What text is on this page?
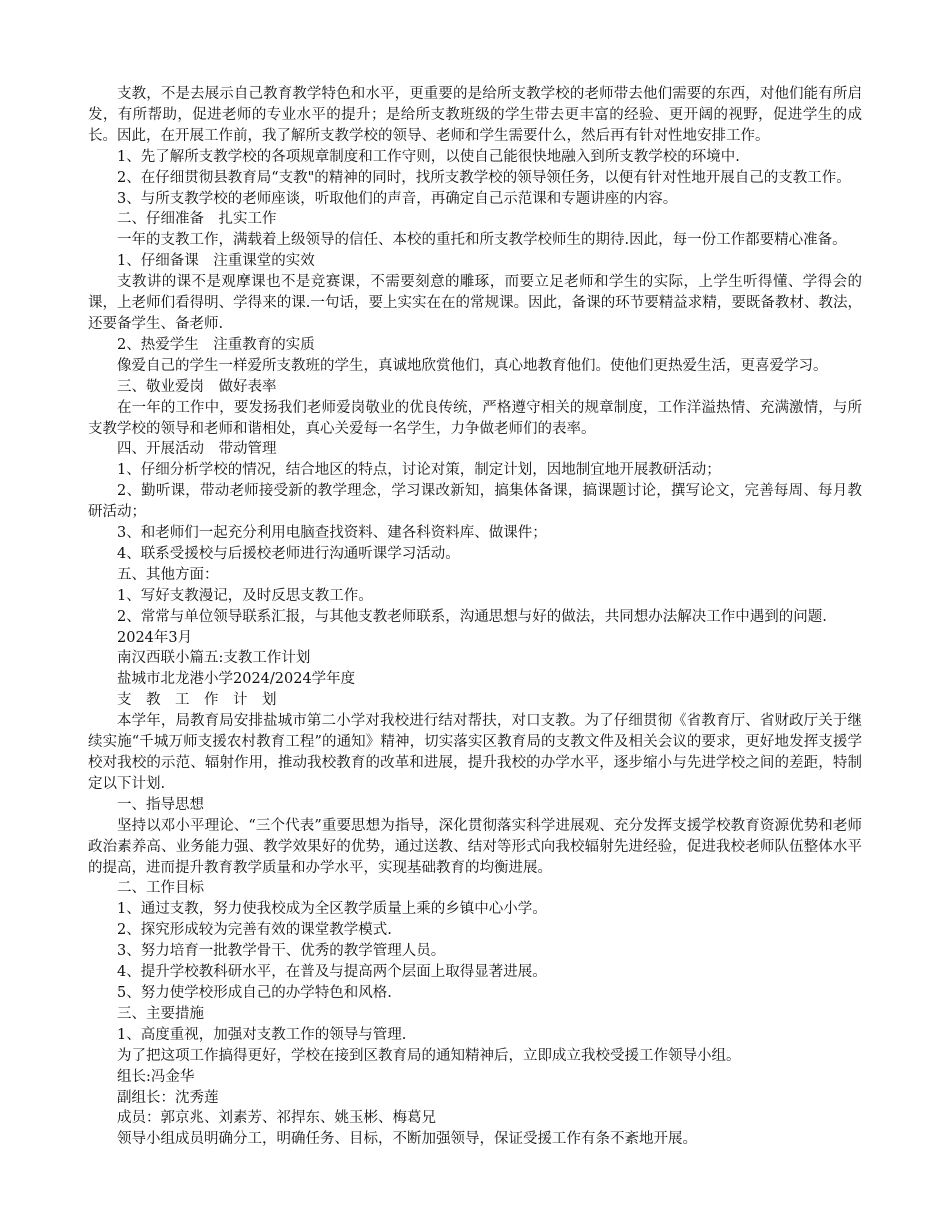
支教，不是去展示自己教育教学特色和水平，更重要的是给所支教学校的老师带去他们需要的东西，对他们能有所启发，有所帮助，促进老师的专业水平的提升；是给所支教班级的学生带去更丰富的经验、更开阔的视野，促进学生的成长。因此，在开展工作前，我了解所支教学校的领导、老师和学生需要什么，然后再有针对性地安排工作。

1、先了解所支教学校的各项规章制度和工作守则，以使自己能很快地融入到所支教学校的环境中.

2、在仔细贯彻县教育局“支教"的精神的同时，找所支教学校的领导领任务，以便有针对性地开展自己的支教工作。

3、与所支教学校的老师座谈，听取他们的声音，再确定自己示范课和专题讲座的内容。

二、仔细准备　扎实工作

一年的支教工作，满载着上级领导的信任、本校的重托和所支教学校师生的期待.因此，每一份工作都要精心准备。

1、仔细备课　注重课堂的实效

支教讲的课不是观摩课也不是竞赛课，不需要刻意的雕琢，而要立足老师和学生的实际，上学生听得懂、学得会的课，上老师们看得明、学得来的课.一句话，要上实实在在的常规课。因此，备课的环节要精益求精，要既备教材、教法，还要备学生、备老师.

2、热爱学生　注重教育的实质

像爱自己的学生一样爱所支教班的学生，真诚地欣赏他们，真心地教育他们。使他们更热爱生活，更喜爱学习。

三、敬业爱岗　做好表率

在一年的工作中，要发扬我们老师爱岗敬业的优良传统，严格遵守相关的规章制度，工作洋溢热情、充满激情，与所支教学校的领导和老师和谐相处，真心关爱每一名学生，力争做老师们的表率。

四、开展活动　带动管理

1、仔细分析学校的情况，结合地区的特点，讨论对策，制定计划，因地制宜地开展教研活动；

2、勤听课，带动老师接受新的教学理念，学习课改新知，搞集体备课，搞课题讨论，撰写论文，完善每周、每月教研活动；

3、和老师们一起充分利用电脑查找资料、建各科资料库、做课件；

4、联系受援校与后援校老师进行沟通听课学习活动。

五、其他方面：

1、写好支教漫记，及时反思支教工作。

2、常常与单位领导联系汇报，与其他支教老师联系，沟通思想与好的做法，共同想办法解决工作中遇到的问题.

2024年3月

南汉西联小篇五:支教工作计划

盐城市北龙港小学2024/2024学年度

支　教　工　作　计　划

本学年，局教育局安排盐城市第二小学对我校进行结对帮扶，对口支教。为了仔细贯彻《省教育厅、省财政厅关于继续实施“千城万师支援农村教育工程”的通知》精神，切实落实区教育局的支教文件及相关会议的要求，更好地发挥支援学校对我校的示范、辐射作用，推动我校教育的改革和进展，提升我校的办学水平，逐步缩小与先进学校之间的差距，特制定以下计划.

一、指导思想

坚持以邓小平理论、“三个代表”重要思想为指导，深化贯彻落实科学进展观、充分发挥支援学校教育资源优势和老师政治素养高、业务能力强、教学效果好的优势，通过送教、结对等形式向我校辐射先进经验，促进我校老师队伍整体水平的提高，进而提升教育教学质量和办学水平，实现基础教育的均衡进展。

二、工作目标

1、通过支教，努力使我校成为全区教学质量上乘的乡镇中心小学。

2、探究形成较为完善有效的课堂教学模式.

3、努力培育一批教学骨干、优秀的教学管理人员。

4、提升学校教科研水平，在普及与提高两个层面上取得显著进展。

5、努力使学校形成自己的办学特色和风格.

三、主要措施

1、高度重视，加强对支教工作的领导与管理.

为了把这项工作搞得更好，学校在接到区教育局的通知精神后，立即成立我校受援工作领导小组。

组长:冯金华

副组长：沈秀莲

成员：郭京兆、刘素芳、祁捍东、姚玉彬、梅葛兄

领导小组成员明确分工，明确任务、目标，不断加强领导，保证受援工作有条不紊地开展。
